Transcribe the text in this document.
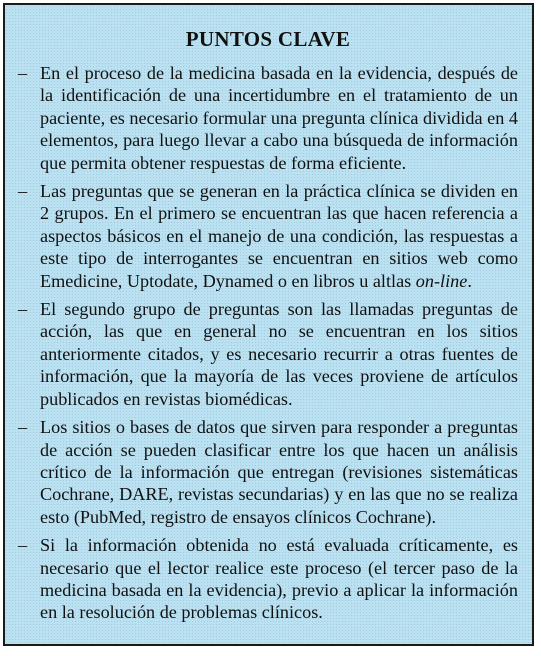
PUNTOS CLAVE
– En el proceso de la medicina basada en la evidencia, después de la identificación de una incertidumbre en el tratamiento de un paciente, es necesario formular una pregunta clínica dividida en 4 elementos, para luego llevar a cabo una búsqueda de información que permita obtener respuestas de forma eficiente.
– Las preguntas que se generan en la práctica clínica se dividen en 2 grupos. En el primero se encuentran las que hacen referencia a aspectos básicos en el manejo de una condición, las respuestas a este tipo de interrogantes se encuentran en sitios web como Emedicine, Uptodate, Dynamed o en libros u altlas on-line.
– El segundo grupo de preguntas son las llamadas preguntas de acción, las que en general no se encuentran en los sitios anteriormente citados, y es necesario recurrir a otras fuentes de información, que la mayoría de las veces proviene de artículos publicados en revistas biomédicas.
– Los sitios o bases de datos que sirven para responder a preguntas de acción se pueden clasificar entre los que hacen un análisis crítico de la información que entregan (revisiones sistemáticas Cochrane, DARE, revistas secundarias) y en las que no se realiza esto (PubMed, registro de ensayos clínicos Cochrane).
– Si la información obtenida no está evaluada críticamente, es necesario que el lector realice este proceso (el tercer paso de la medicina basada en la evidencia), previo a aplicar la información en la resolución de problemas clínicos.
